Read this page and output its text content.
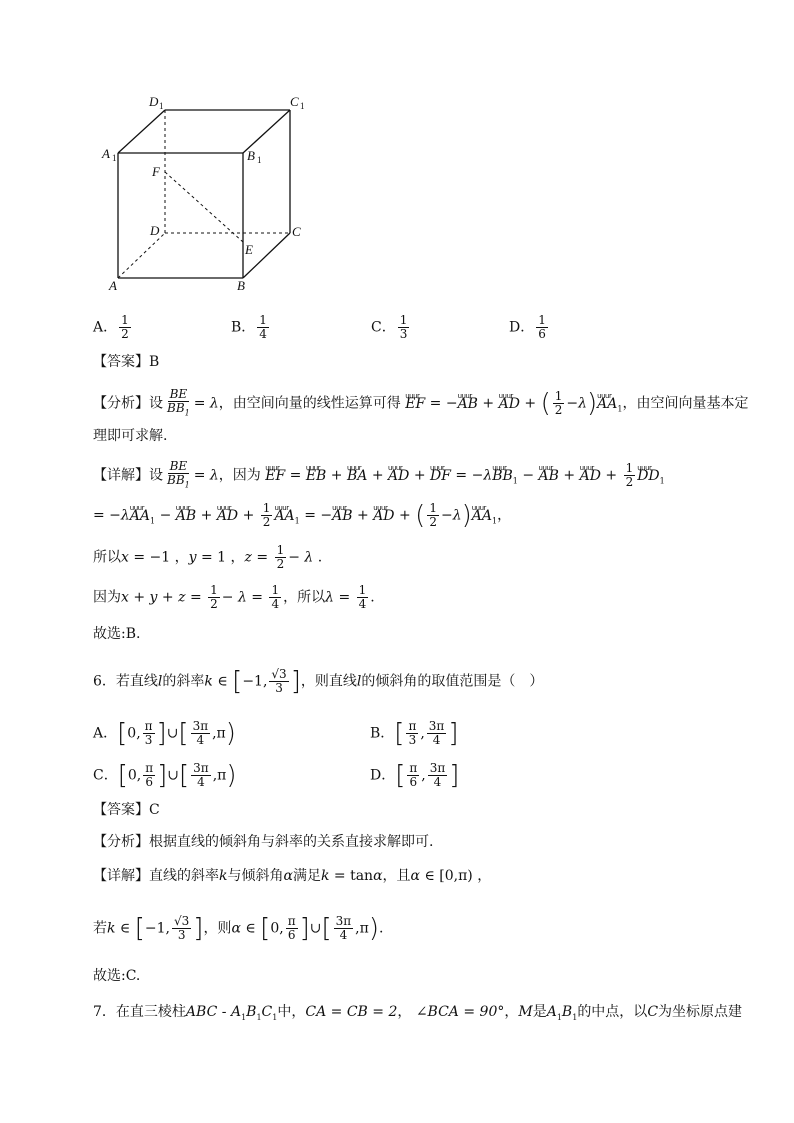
D 1	C 1
A 1	B 1
F
D	C
E
A	B
A． $\frac{1}{2}$	B． $\frac{1}{4}$	C． $\frac{1}{3}$	D． $\frac{1}{6}$
【答案】B
【分析】设 $\frac{BE}{BB_1} = \lambda$，由空间向量的线性运算可得 uuur EF = −uuur AB + uuur AD + ( $\frac{1}{2}$ −λ)uuur $AA_1$，由空间向量基本定
理即可求解.
【详解】设 $\frac{BE}{BB_1} = \lambda$，因为 uuur EF = uuur EB + uuur BA + uuur AD + uuur DF = −λuuur $BB_1$ − uuur AB + uuur AD + $\frac{1}{2}$ uuur $DD_1$
= −λuuur $AA_1$ − uuur AB + uuur AD + $\frac{1}{2}$ uuur $AA_1$ = −uuur AB + uuur AD + ( $\frac{1}{2}$ −λ)uuur $AA_1$，
所以x = −1 ，y = 1 ，$z = \frac{1}{2} - \lambda$ .
因为$x + y + z = \frac{1}{2} - \lambda = \frac{1}{4}$ ，所以$\lambda = \frac{1}{4}$ .
故选:B.
6．若直线l的斜率k ∈ [−1, $\frac{√3}{3}$ ]，则直线l的倾斜角的取值范围是（　）
A．[0, $\frac{\pi}{3}$ ]∪[ $\frac{3\pi}{4} ,\pi$)	B．[ $\frac{\pi}{3}$ , $\frac{3\pi}{4}$ ]
C．[0, $\frac{\pi}{6}$ ]∪[ $\frac{3\pi}{4} ,\pi$)	D．[ $\frac{\pi}{6}$ , $\frac{3\pi}{4}$ ]
【答案】C
【分析】根据直线的倾斜角与斜率的关系直接求解即可.
【详解】直线的斜率k与倾斜角α满足k = tanα，且α ∈ [0,π) ，
若k ∈ [−1, $\frac{√3}{3}$ ]，则α ∈ [0, $\frac{\pi}{6}$ ]∪[ $\frac{3\pi}{4} ,\pi$).
故选:C.
7．在直三棱柱ABC - $A_1B_1C_1$中，CA = CB = 2， ∠BCA = 90°，M是$A_1B_1$的中点，以C为坐标原点建
